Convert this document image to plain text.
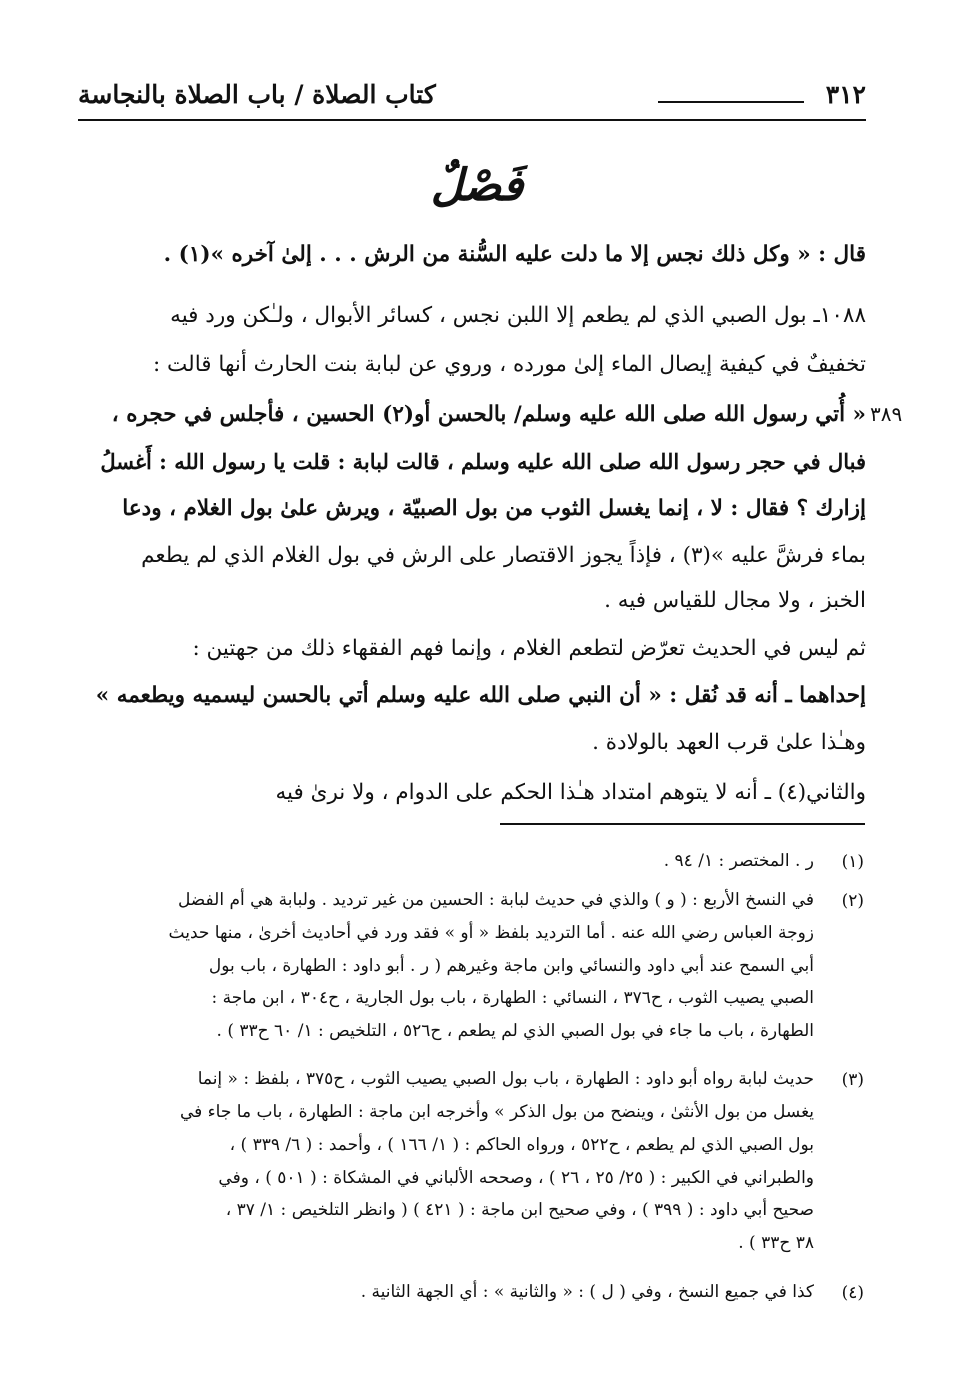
٣١٢
كتاب الصلاة / باب الصلاة بالنجاسة
فَصْلٌ
قال : « وكل ذلك نجس إلا ما دلت عليه السُّنة من الرش . . . إلىٰ آخره »(١) .
١٠٨٨ـ بول الصبي الذي لم يطعم إلا اللبن نجس ، كسائر الأبوال ، ولـٰكن ورد فيه
تخفيفٌ في كيفية إيصال الماء إلىٰ مورده ، وروي عن لبابة بنت الحارث أنها قالت :
« أُتي رسول الله صلى الله عليه وسلم/ بالحسن أو(٢) الحسين ، فأجلس في حجره ،
فبال في حجر رسول الله صلى الله عليه وسلم ، قالت لبابة : قلت يا رسول الله : أَغسلُ
إزارك ؟ فقال : لا ، إنما يغسل الثوب من بول الصبيّة ، ويرش علىٰ بول الغلام ، ودعا
بماء فرشَّ عليه »(٣) ، فإذاً يجوز الاقتصار على الرش في بول الغلام الذي لم يطعم
الخبز ، ولا مجال للقياس فيه .
ثم ليس في الحديث تعرّض لتطعم الغلام ، وإنما فهم الفقهاء ذلك من جهتين :
إحداهما ـ أنه قد نُقل : « أن النبي صلى الله عليه وسلم أتي بالحسن ليسميه ويطعمه »
وهـٰذا علىٰ قرب العهد بالولادة .
والثاني(٤) ـ أنه لا يتوهم امتداد هـٰذا الحكم على الدوام ، ولا نرىٰ فيه
٣٨٩
(١)
ر . المختصر : ١/ ٩٤ .
(٢)
في النسخ الأربع : ( و ) والذي في حديث لبابة : الحسين من غير ترديد . ولبابة هي أم الفضل
زوجة العباس رضي الله عنه . أما الترديد بلفظ « أو » فقد ورد في أحاديث أخرىٰ ، منها حديث
أبي السمح عند أبي داود والنسائي وابن ماجة وغيرهم ( ر . أبو داود : الطهارة ، باب بول
الصبي يصيب الثوب ، ح٣٧٦ ، النسائي : الطهارة ، باب بول الجارية ، ح٣٠٤ ، ابن ماجة :
الطهارة ، باب ما جاء في بول الصبي الذي لم يطعم ، ح٥٢٦ ، التلخيص : ١/ ٦٠ ح٣٣ ) .
(٣)
حديث لبابة رواه أبو داود : الطهارة ، باب بول الصبي يصيب الثوب ، ح٣٧٥ ، بلفظ : « إنما
يغسل من بول الأنثىٰ ، وينضح من بول الذكر » وأخرجه ابن ماجة : الطهارة ، باب ما جاء في
بول الصبي الذي لم يطعم ، ح٥٢٢ ، ورواه الحاكم : ( ١/ ١٦٦ ) ، وأحمد : ( ٦/ ٣٣٩ ) ،
والطبراني في الكبير : ( ٢٥/ ٢٥ ، ٢٦ ) ، وصححه الألباني في المشكاة : ( ٥٠١ ) ، وفي
صحيح أبي داود : ( ٣٩٩ ) ، وفي صحيح ابن ماجة : ( ٤٢١ ) ( وانظر التلخيص : ١/ ٣٧ ،
٣٨ ح٣٣ ) .
(٤)
كذا في جميع النسخ ، وفي ( ل ) : « والثانية » : أي الجهة الثانية .
